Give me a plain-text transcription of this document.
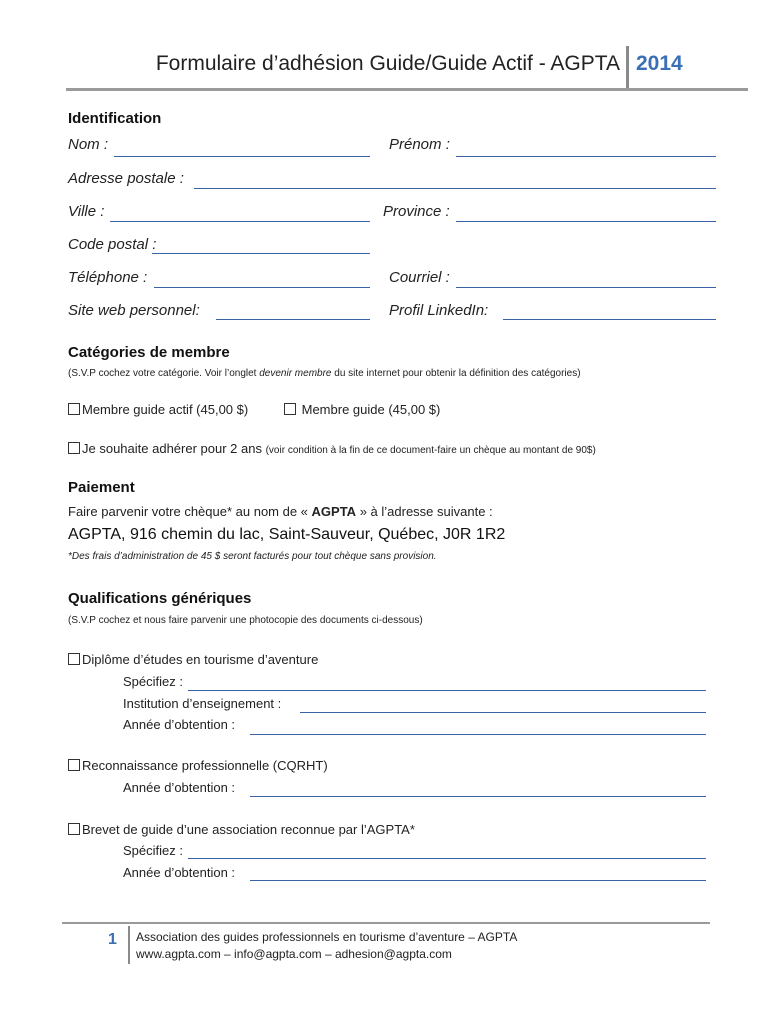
Formulaire d’adhésion Guide/Guide Actif - AGPTA 2014
Identification
Nom :	Prénom :
Adresse postale :
Ville :	Province :
Code postal :
Téléphone :	Courriel :
Site web personnel:	Profil LinkedIn:
Catégories de membre
(S.V.P cochez votre catégorie. Voir l’onglet devenir membre du site internet pour obtenir la définition des catégories)
Membre guide actif (45,00 $)	Membre guide (45,00 $)
Je souhaite adhérer pour 2 ans (voir condition à la fin de ce document-faire un chèque au montant de 90$)
Paiement
Faire parvenir votre chèque* au nom de « AGPTA » à l’adresse suivante :
AGPTA, 916 chemin du lac, Saint-Sauveur, Québec, J0R 1R2
*Des frais d’administration de 45 $ seront facturés pour tout chèque sans provision.
Qualifications génériques
(S.V.P cochez et nous faire parvenir une photocopie des documents ci-dessous)
Diplôme d’études en tourisme d’aventure
Spécifiez :
Institution d’enseignement :
Année d’obtention :
Reconnaissance professionnelle (CQRHT)
Année d’obtention :
Brevet de guide d’une association reconnue par l’AGPTA*
Spécifiez :
Année d’obtention :
1 Association des guides professionnels en tourisme d’aventure – AGPTA
www.agpta.com – info@agpta.com – adhesion@agpta.com
